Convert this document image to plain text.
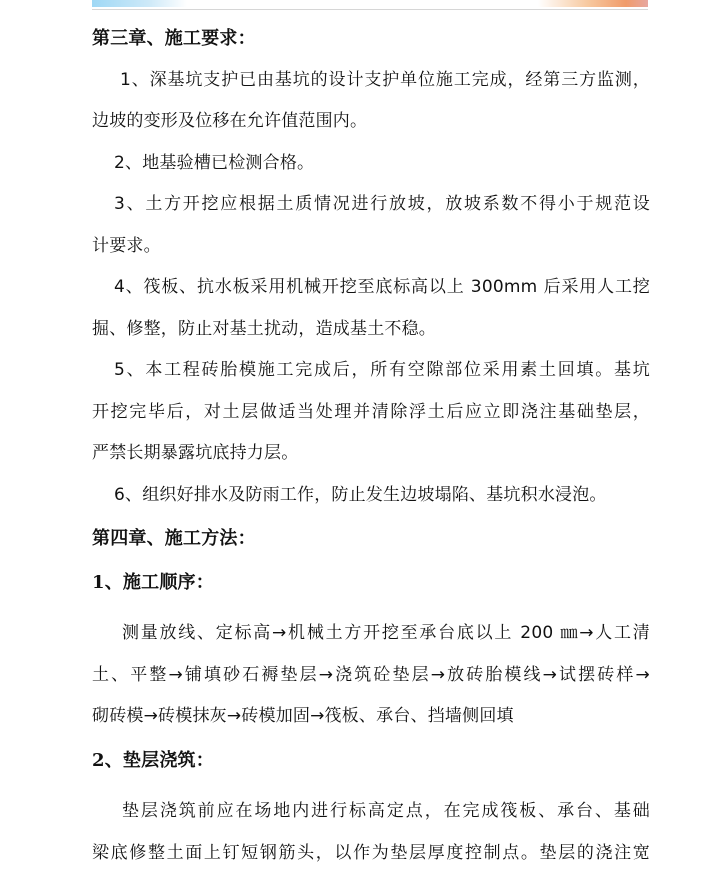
第三章、施工要求：
1、深基坑支护已由基坑的设计支护单位施工完成，经第三方监测，
边坡的变形及位移在允许值范围内。
2、地基验槽已检测合格。
3、土方开挖应根据土质情况进行放坡，放坡系数不得小于规范设
计要求。
4、筏板、抗水板采用机械开挖至底标高以上 300mm 后采用人工挖
掘、修整，防止对基土扰动，造成基土不稳。
5、本工程砖胎模施工完成后，所有空隙部位采用素土回填。基坑
开挖完毕后，对土层做适当处理并清除浮土后应立即浇注基础垫层，
严禁长期暴露坑底持力层。
6、组织好排水及防雨工作，防止发生边坡塌陷、基坑积水浸泡。
第四章、施工方法：
1、施工顺序：
测量放线、定标高→机械土方开挖至承台底以上 200 ㎜→人工清
土、平整→铺填砂石褥垫层→浇筑砼垫层→放砖胎模线→试摆砖样→
砌砖模→砖模抹灰→砖模加固→筏板、承台、挡墙侧回填
2、垫层浇筑：
垫层浇筑前应在场地内进行标高定点，在完成筏板、承台、基础
梁底修整土面上钉短钢筋头，以作为垫层厚度控制点。垫层的浇注宽
